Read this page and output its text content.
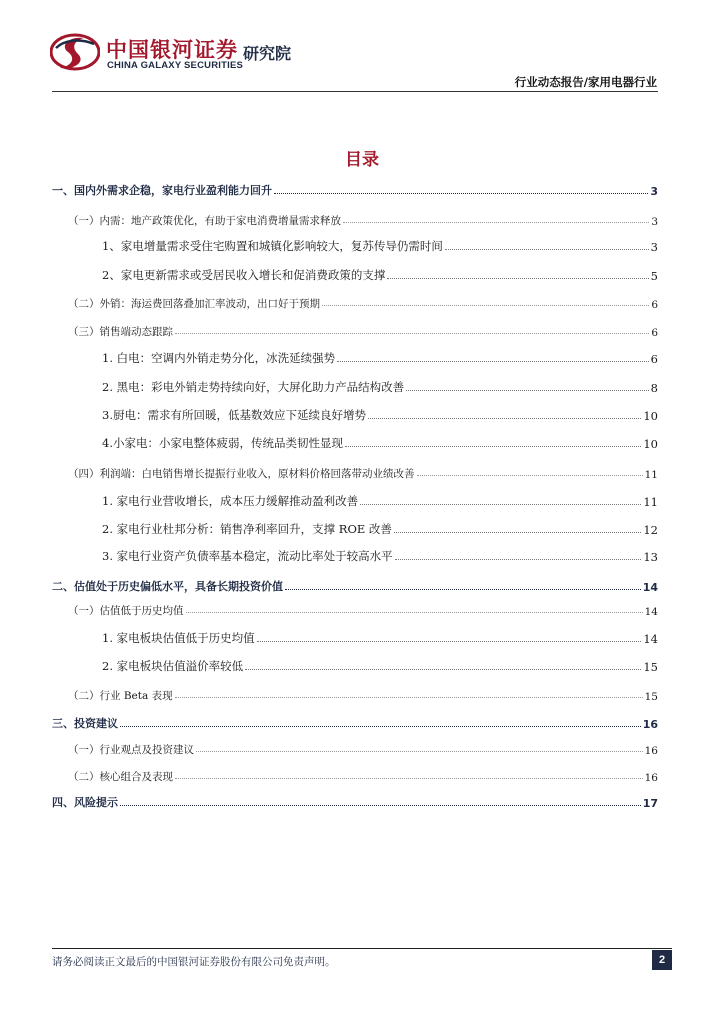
中国银河证券
CHINA GALAXY SECURITIES
研究院
行业动态报告/家用电器行业
目录
一、国内外需求企稳，家电行业盈利能力回升	3
（一）内需：地产政策优化，有助于家电消费增量需求释放	3
1、家电增量需求受住宅购置和城镇化影响较大，复苏传导仍需时间	3
2、家电更新需求或受居民收入增长和促消费政策的支撑	5
（二）外销：海运费回落叠加汇率波动，出口好于预期	6
（三）销售端动态跟踪	6
1. 白电：空调内外销走势分化，冰洗延续强势	6
2. 黑电：彩电外销走势持续向好，大屏化助力产品结构改善	8
3.厨电：需求有所回暖，低基数效应下延续良好增势	10
4.小家电：小家电整体疲弱，传统品类韧性显现	10
（四）利润端：白电销售增长提振行业收入，原材料价格回落带动业绩改善	11
1. 家电行业营收增长，成本压力缓解推动盈利改善	11
2. 家电行业杜邦分析：销售净利率回升，支撑 ROE 改善	12
3. 家电行业资产负债率基本稳定，流动比率处于较高水平	13
二、估值处于历史偏低水平，具备长期投资价值	14
（一）估值低于历史均值	14
1. 家电板块估值低于历史均值	14
2. 家电板块估值溢价率较低	15
（二）行业 Beta 表现	15
三、投资建议	16
（一）行业观点及投资建议	16
（二）核心组合及表现	16
四、风险提示	17
请务必阅读正文最后的中国银河证券股份有限公司免责声明。	2
